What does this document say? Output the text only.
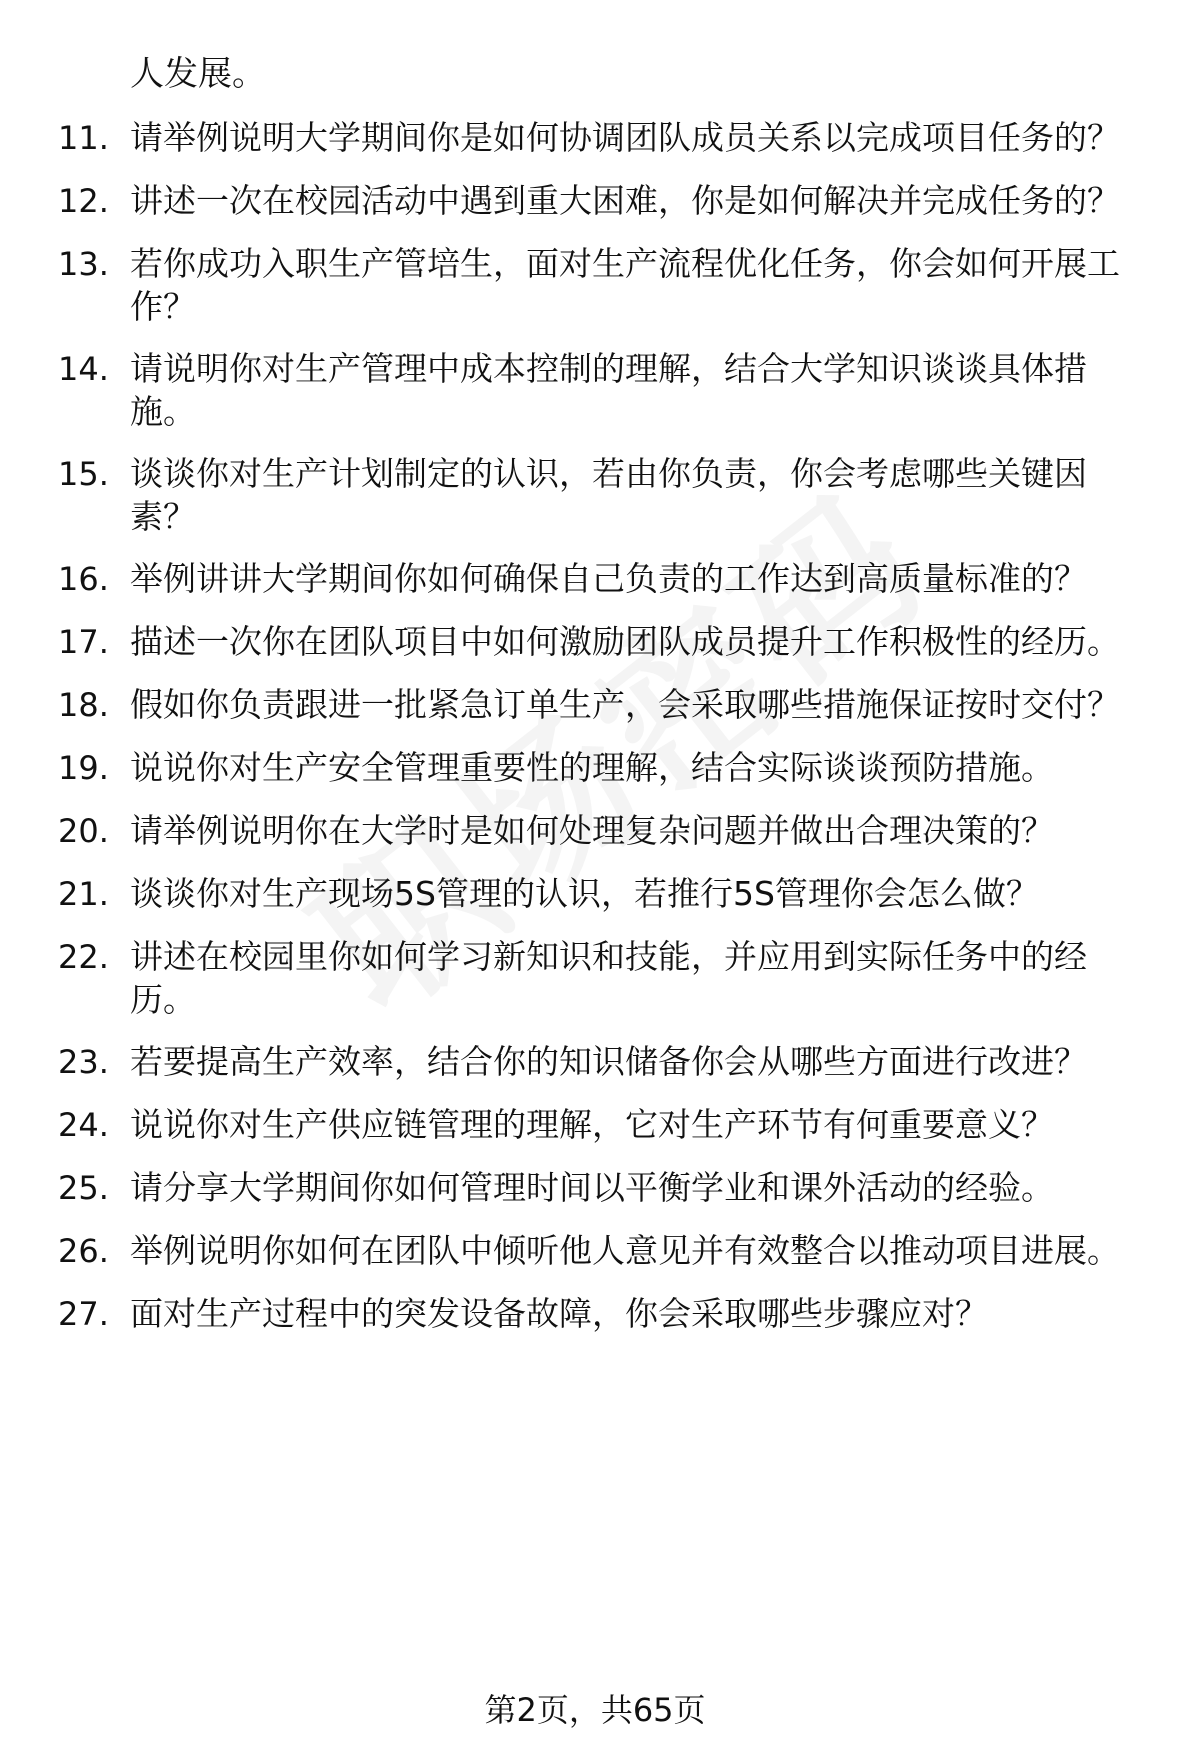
人发展。
11. 请举例说明大学期间你是如何协调团队成员关系以完成项目任务的？
12. 讲述一次在校园活动中遇到重大困难，你是如何解决并完成任务的？
13. 若你成功入职生产管培生，面对生产流程优化任务，你会如何开展工作？
14. 请说明你对生产管理中成本控制的理解，结合大学知识谈谈具体措施。
15. 谈谈你对生产计划制定的认识，若由你负责，你会考虑哪些关键因素？
16. 举例讲讲大学期间你如何确保自己负责的工作达到高质量标准的？
17. 描述一次你在团队项目中如何激励团队成员提升工作积极性的经历。
18. 假如你负责跟进一批紧急订单生产，会采取哪些措施保证按时交付？
19. 说说你对生产安全管理重要性的理解，结合实际谈谈预防措施。
20. 请举例说明你在大学时是如何处理复杂问题并做出合理决策的？
21. 谈谈你对生产现场5S管理的认识，若推行5S管理你会怎么做？
22. 讲述在校园里你如何学习新知识和技能，并应用到实际任务中的经历。
23. 若要提高生产效率，结合你的知识储备你会从哪些方面进行改进？
24. 说说你对生产供应链管理的理解，它对生产环节有何重要意义？
25. 请分享大学期间你如何管理时间以平衡学业和课外活动的经验。
26. 举例说明你如何在团队中倾听他人意见并有效整合以推动项目进展。
27. 面对生产过程中的突发设备故障，你会采取哪些步骤应对？
第2页，共65页
